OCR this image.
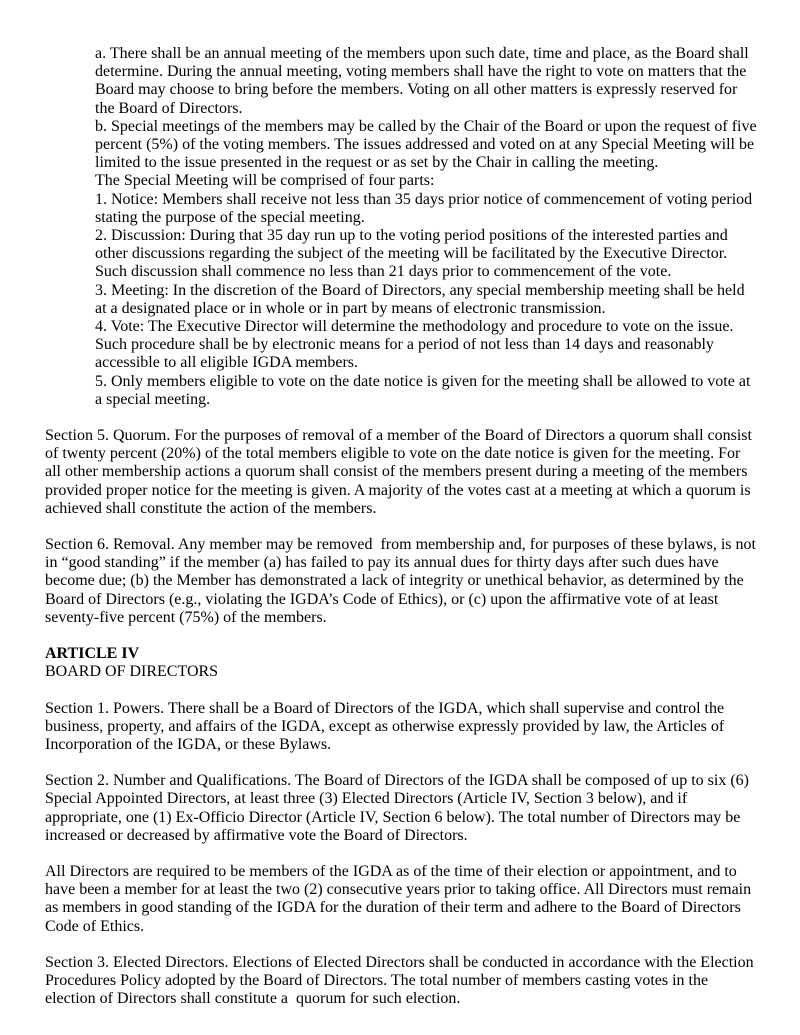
a. There shall be an annual meeting of the members upon such date, time and place, as the Board shall determine. During the annual meeting, voting members shall have the right to vote on matters that the Board may choose to bring before the members. Voting on all other matters is expressly reserved for the Board of Directors.

b. Special meetings of the members may be called by the Chair of the Board or upon the request of five percent (5%) of the voting members. The issues addressed and voted on at any Special Meeting will be limited to the issue presented in the request or as set by the Chair in calling the meeting.

The Special Meeting will be comprised of four parts:

1. Notice: Members shall receive not less than 35 days prior notice of commencement of voting period stating the purpose of the special meeting.

2. Discussion: During that 35 day run up to the voting period positions of the interested parties and other discussions regarding the subject of the meeting will be facilitated by the Executive Director. Such discussion shall commence no less than 21 days prior to commencement of the vote.

3. Meeting: In the discretion of the Board of Directors, any special membership meeting shall be held at a designated place or in whole or in part by means of electronic transmission.

4. Vote: The Executive Director will determine the methodology and procedure to vote on the issue. Such procedure shall be by electronic means for a period of not less than 14 days and reasonably accessible to all eligible IGDA members.

5. Only members eligible to vote on the date notice is given for the meeting shall be allowed to vote at a special meeting.

Section 5. Quorum. For the purposes of removal of a member of the Board of Directors a quorum shall consist of twenty percent (20%) of the total members eligible to vote on the date notice is given for the meeting. For all other membership actions a quorum shall consist of the members present during a meeting of the members provided proper notice for the meeting is given. A majority of the votes cast at a meeting at which a quorum is achieved shall constitute the action of the members.

Section 6. Removal. Any member may be removed  from membership and, for purposes of these bylaws, is not in “good standing” if the member (a) has failed to pay its annual dues for thirty days after such dues have become due; (b) the Member has demonstrated a lack of integrity or unethical behavior, as determined by the Board of Directors (e.g., violating the IGDA’s Code of Ethics), or (c) upon the affirmative vote of at least seventy-five percent (75%) of the members.

ARTICLE IV

BOARD OF DIRECTORS

Section 1. Powers. There shall be a Board of Directors of the IGDA, which shall supervise and control the business, property, and affairs of the IGDA, except as otherwise expressly provided by law, the Articles of Incorporation of the IGDA, or these Bylaws.

Section 2. Number and Qualifications. The Board of Directors of the IGDA shall be composed of up to six (6) Special Appointed Directors, at least three (3) Elected Directors (Article IV, Section 3 below), and if appropriate, one (1) Ex-Officio Director (Article IV, Section 6 below). The total number of Directors may be increased or decreased by affirmative vote the Board of Directors.

All Directors are required to be members of the IGDA as of the time of their election or appointment, and to have been a member for at least the two (2) consecutive years prior to taking office. All Directors must remain as members in good standing of the IGDA for the duration of their term and adhere to the Board of Directors Code of Ethics.

Section 3. Elected Directors. Elections of Elected Directors shall be conducted in accordance with the Election Procedures Policy adopted by the Board of Directors. The total number of members casting votes in the election of Directors shall constitute a  quorum for such election.
